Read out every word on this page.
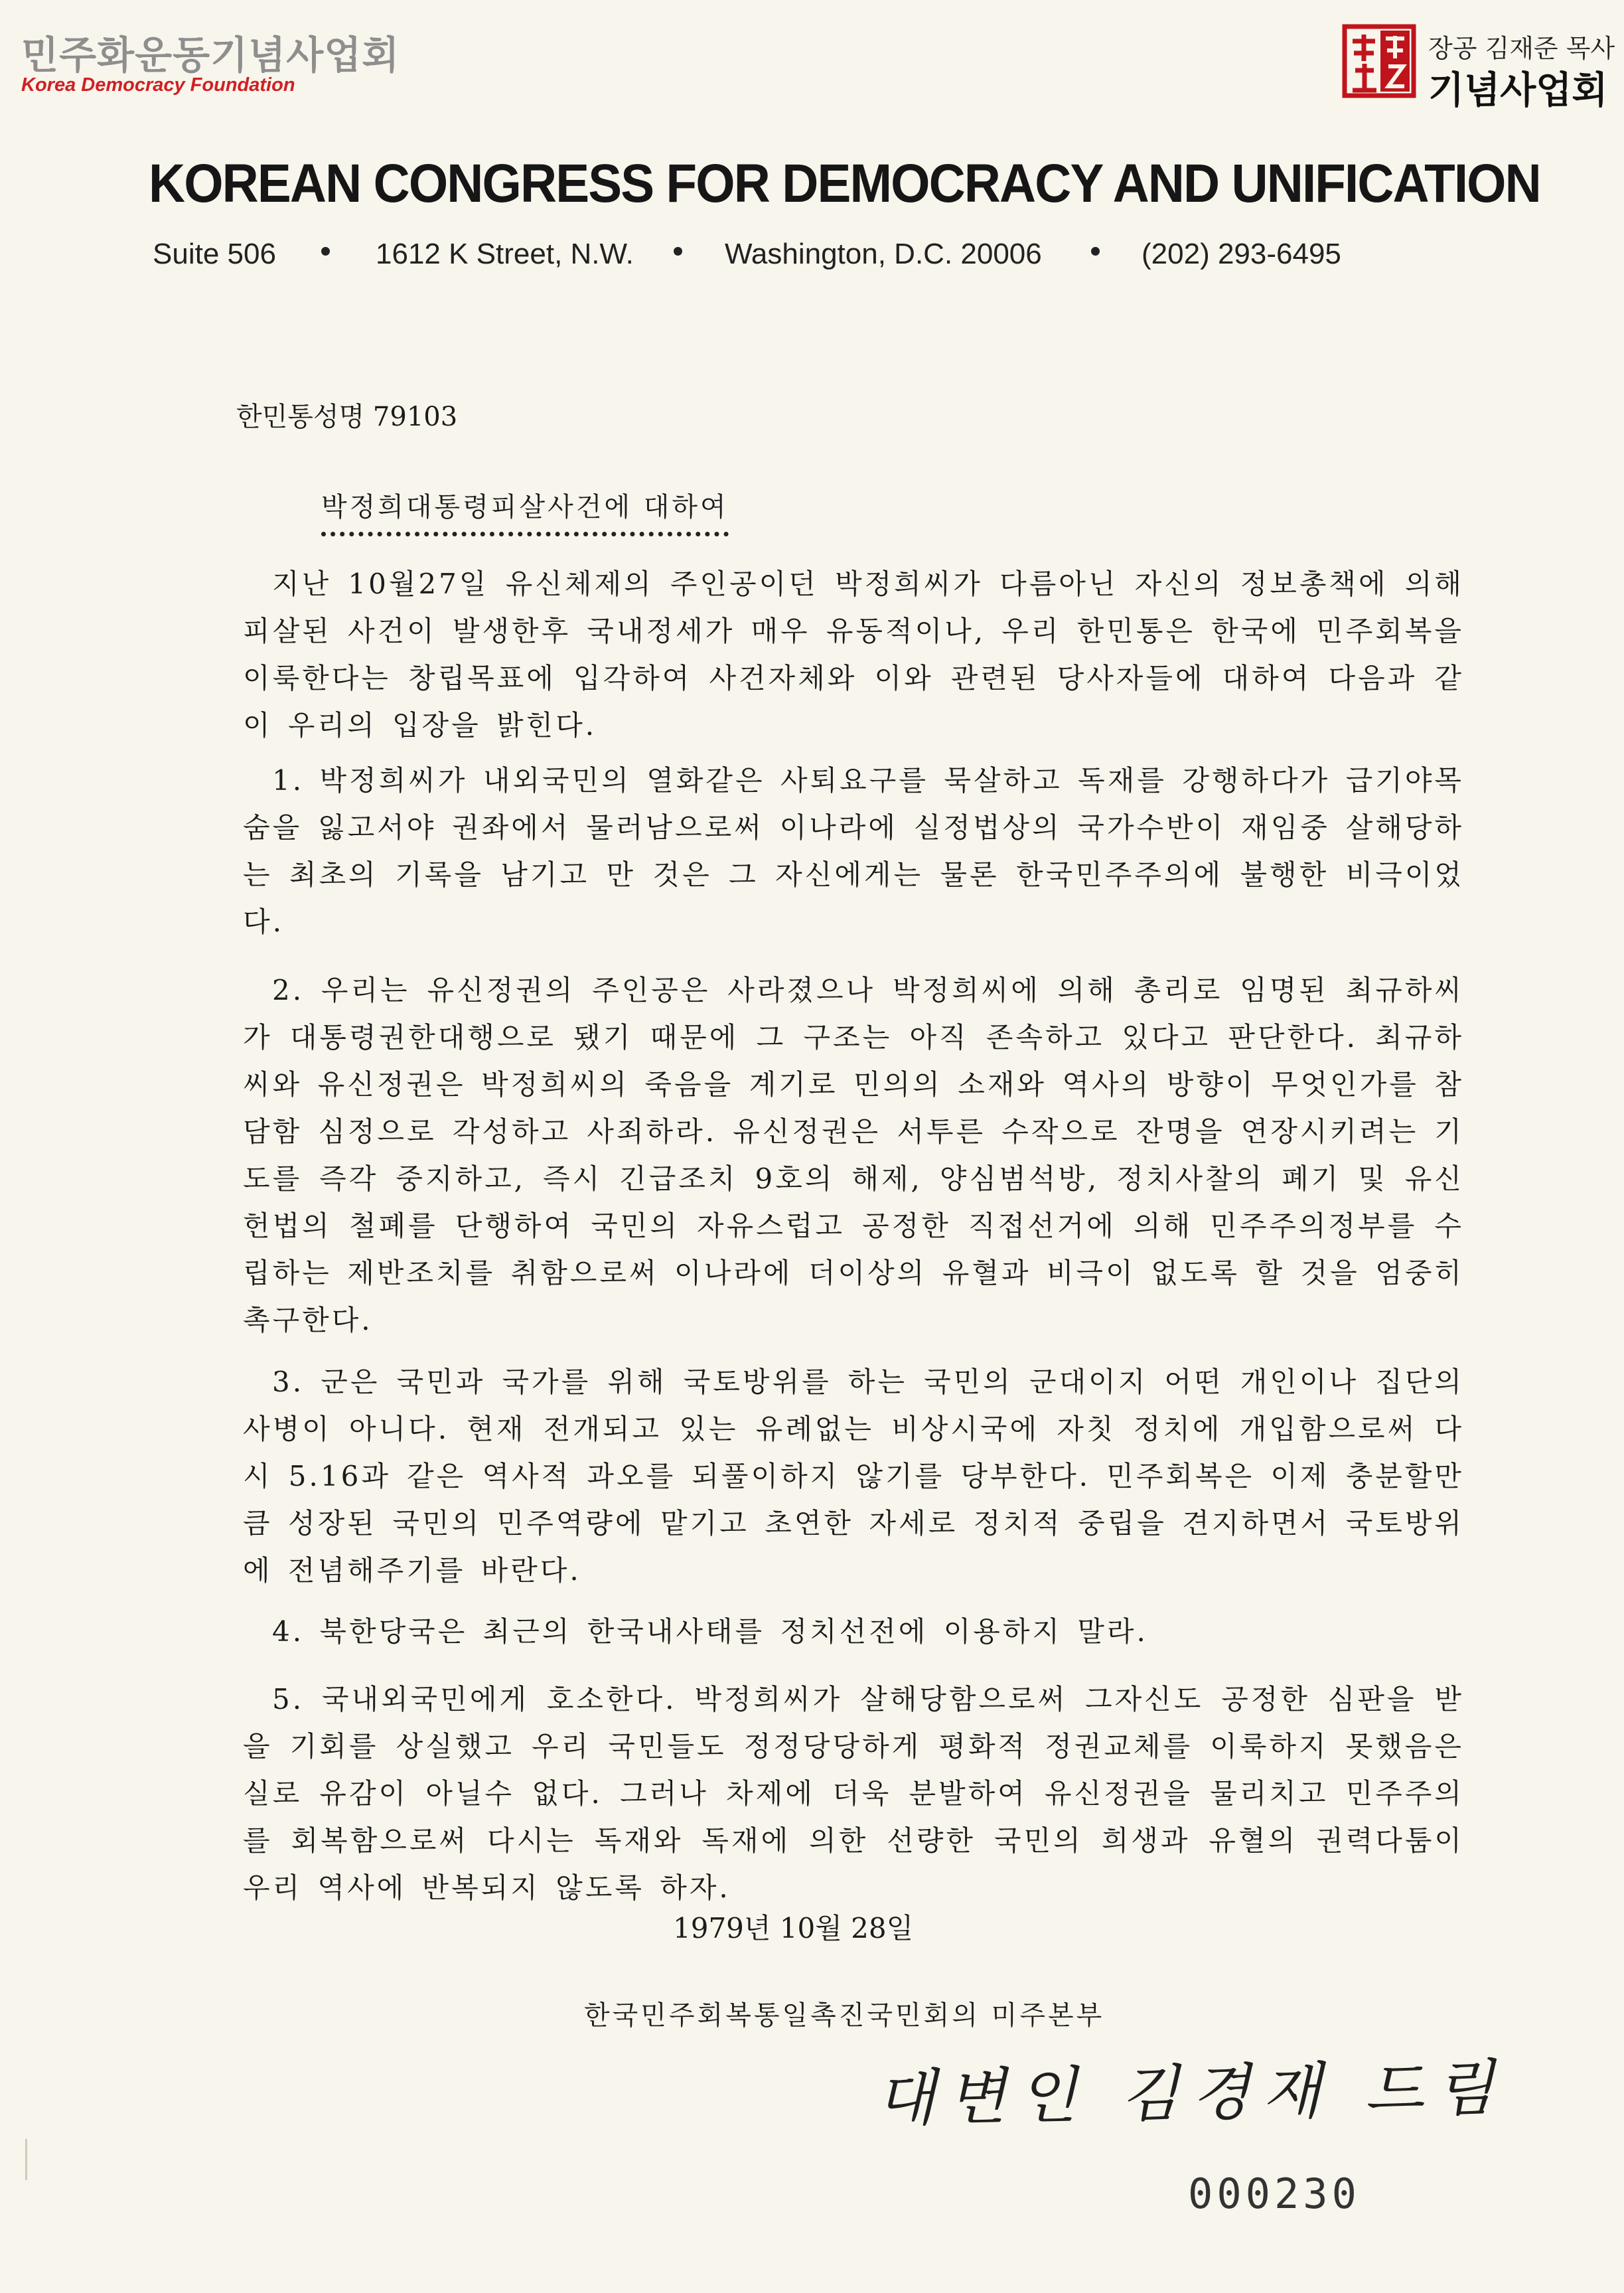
민주화운동기념사업회
Korea Democracy Foundation
장공 김재준 목사
기념사업회
KOREAN CONGRESS FOR DEMOCRACY AND UNIFICATION
Suite 506	1612 K Street, N.W.	Washington, D.C. 20006	(202) 293-6495
한민통성명 79103
박정희대통령피살사건에 대하여
지난 10월27일 유신체제의 주인공이던 박정희씨가 다름아닌 자신의 정보총책에 의해 피살된 사건이 발생한후 국내정세가 매우 유동적이나, 우리 한민통은 한국에 민주회복을 이룩한다는 창립목표에 입각하여 사건자체와 이와 관련된 당사자들에 대하여 다음과 같이 우리의 입장을 밝힌다.
1. 박정희씨가 내외국민의 열화같은 사퇴요구를 묵살하고 독재를 강행하다가 급기야목숨을 잃고서야 권좌에서 물러남으로써 이나라에 실정법상의 국가수반이 재임중 살해당하는 최초의 기록을 남기고 만 것은 그 자신에게는 물론 한국민주주의에 불행한 비극이었다.
2. 우리는 유신정권의 주인공은 사라졌으나 박정희씨에 의해 총리로 임명된 최규하씨가 대통령권한대행으로 됐기 때문에 그 구조는 아직 존속하고 있다고 판단한다. 최규하씨와 유신정권은 박정희씨의 죽음을 계기로 민의의 소재와 역사의 방향이 무엇인가를 참담함 심정으로 각성하고 사죄하라. 유신정권은 서투른 수작으로 잔명을 연장시키려는 기도를 즉각 중지하고, 즉시 긴급조치 9호의 해제, 양심범석방, 정치사찰의 폐기 및 유신헌법의 철폐를 단행하여 국민의 자유스럽고 공정한 직접선거에 의해 민주주의정부를 수립하는 제반조치를 취함으로써 이나라에 더이상의 유혈과 비극이 없도록 할 것을 엄중히 촉구한다.
3. 군은 국민과 국가를 위해 국토방위를 하는 국민의 군대이지 어떤 개인이나 집단의 사병이 아니다. 현재 전개되고 있는 유례없는 비상시국에 자칫 정치에 개입함으로써 다시 5.16과 같은 역사적 과오를 되풀이하지 않기를 당부한다. 민주회복은 이제 충분할만큼 성장된 국민의 민주역량에 맡기고 초연한 자세로 정치적 중립을 견지하면서 국토방위에 전념해주기를 바란다.
4. 북한당국은 최근의 한국내사태를 정치선전에 이용하지 말라.
5. 국내외국민에게 호소한다. 박정희씨가 살해당함으로써 그자신도 공정한 심판을 받을 기회를 상실했고 우리 국민들도 정정당당하게 평화적 정권교체를 이룩하지 못했음은 실로 유감이 아닐수 없다. 그러나 차제에 더욱 분발하여 유신정권을 물리치고 민주주의를 회복함으로써 다시는 독재와 독재에 의한 선량한 국민의 희생과 유혈의 권력다툼이 우리 역사에 반복되지 않도록 하자.
1979년 10월 28일
한국민주회복통일촉진국민회의 미주본부
대변인 김경재 드림
000230
